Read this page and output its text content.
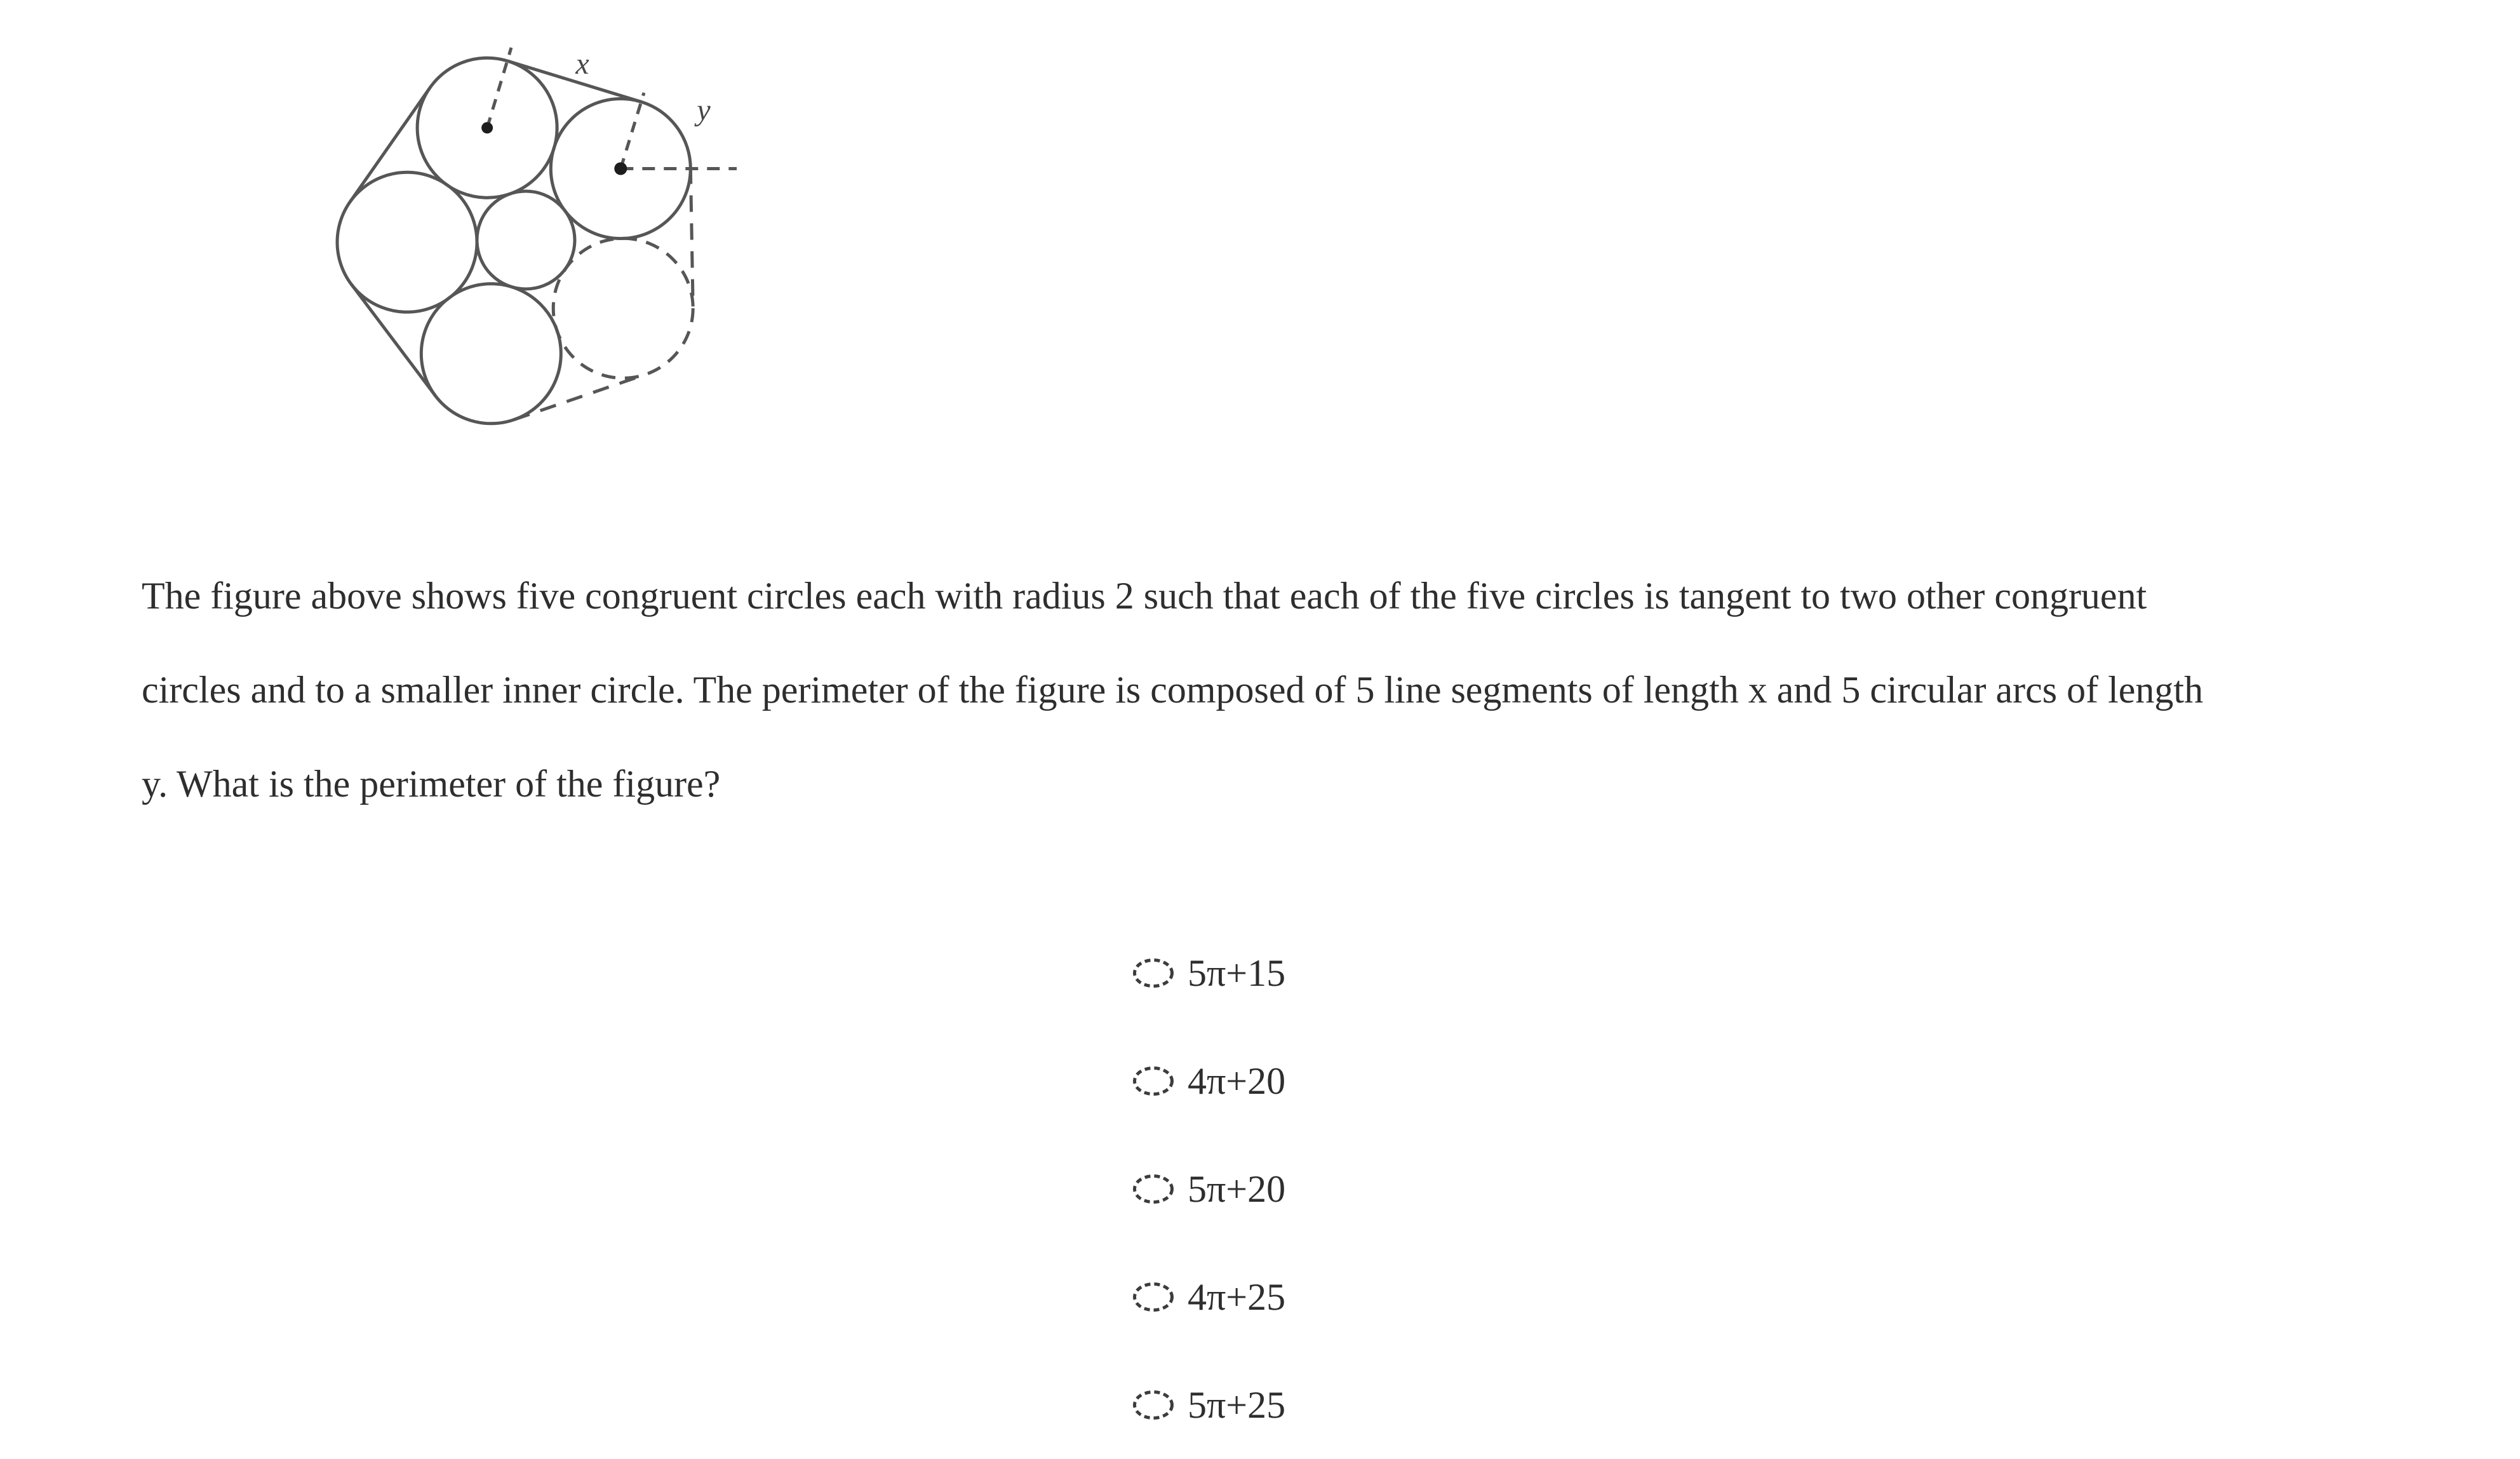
x
y

The figure above shows five congruent circles each with radius 2 such that each of the five circles is tangent to two other congruent

circles and to a smaller inner circle. The perimeter of the figure is composed of 5 line segments of length x and 5 circular arcs of length

y. What is the perimeter of the figure?

5π+15
4π+20
5π+20
4π+25
5π+25
